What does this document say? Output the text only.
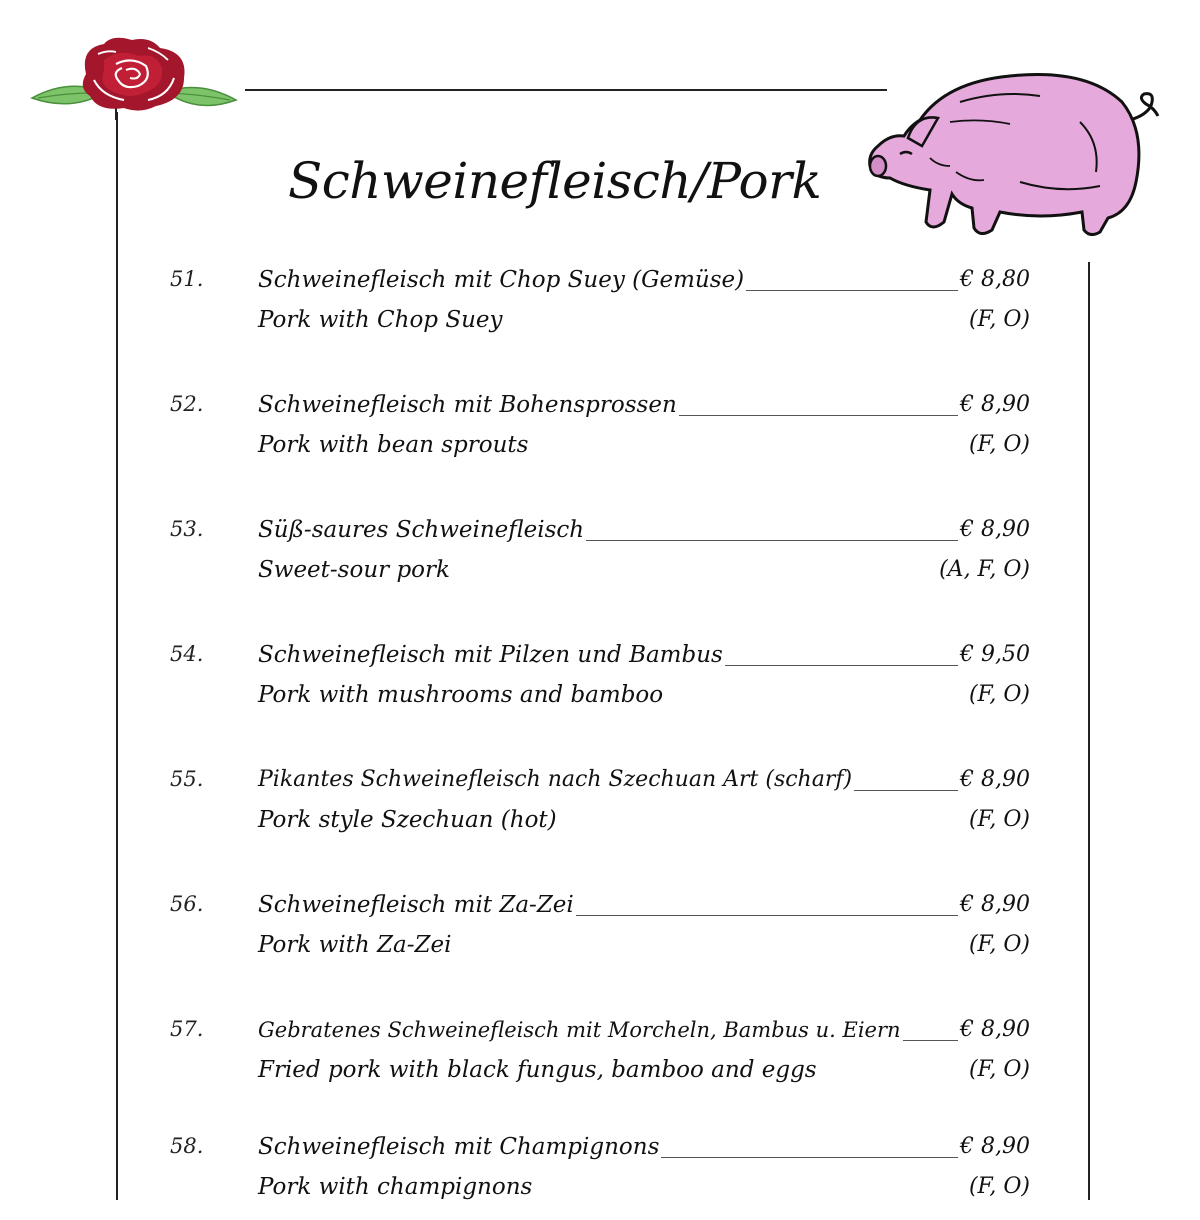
Schweinefleisch/Pork
51. Schweinefleisch mit Chop Suey (Gemüse)	€ 8,80
Pork with Chop Suey	(F, O)
52. Schweinefleisch mit Bohensprossen	€ 8,90
Pork with bean sprouts	(F, O)
53. Süß-saures Schweinefleisch	€ 8,90
Sweet-sour pork	(A, F, O)
54. Schweinefleisch mit Pilzen und Bambus	€ 9,50
Pork with mushrooms and bamboo	(F, O)
55. Pikantes Schweinefleisch nach Szechuan Art (scharf)	€ 8,90
Pork style Szechuan (hot)	(F, O)
56. Schweinefleisch mit Za-Zei	€ 8,90
Pork with Za-Zei	(F, O)
57.	Gebratenes Schweinefleisch mit Morcheln, Bambus u. Eiern	€ 8,90
Fried pork with black fungus, bamboo and eggs	(F, O)
58. Schweinefleisch mit Champignons	€ 8,90
Pork with champignons	(F, O)
